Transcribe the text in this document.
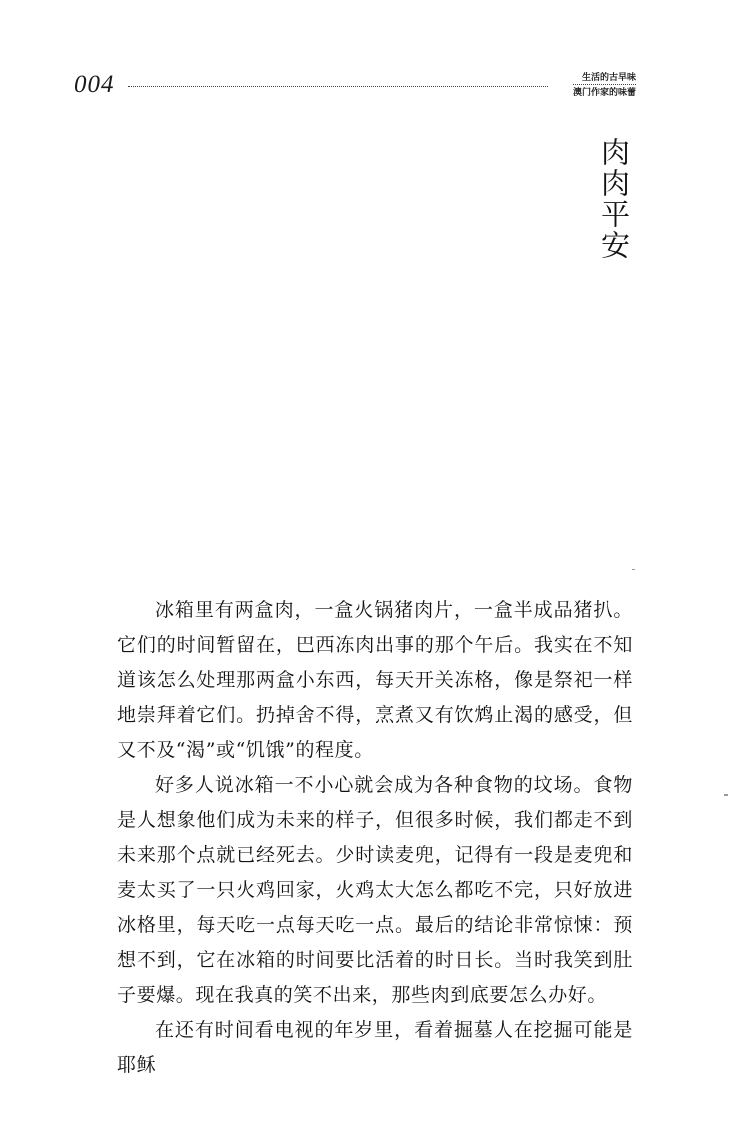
004	生活的古早味
澳门作家的味蕾
肉肉平安

冰箱里有两盒肉，一盒火锅猪肉片，一盒半成品猪扒。它们的时间暂留在，巴西冻肉出事的那个午后。我实在不知道该怎么处理那两盒小东西，每天开关冻格，像是祭祀一样地崇拜着它们。扔掉舍不得，烹煮又有饮鸩止渴的感受，但又不及“渴”或“饥饿”的程度。

好多人说冰箱一不小心就会成为各种食物的坟场。食物是人想象他们成为未来的样子，但很多时候，我们都走不到未来那个点就已经死去。少时读麦兜，记得有一段是麦兜和麦太买了一只火鸡回家，火鸡太大怎么都吃不完，只好放进冰格里，每天吃一点每天吃一点。最后的结论非常惊悚：预想不到，它在冰箱的时间要比活着的时日长。当时我笑到肚子要爆。现在我真的笑不出来，那些肉到底要怎么办好。

在还有时间看电视的年岁里，看着掘墓人在挖掘可能是耶稣
